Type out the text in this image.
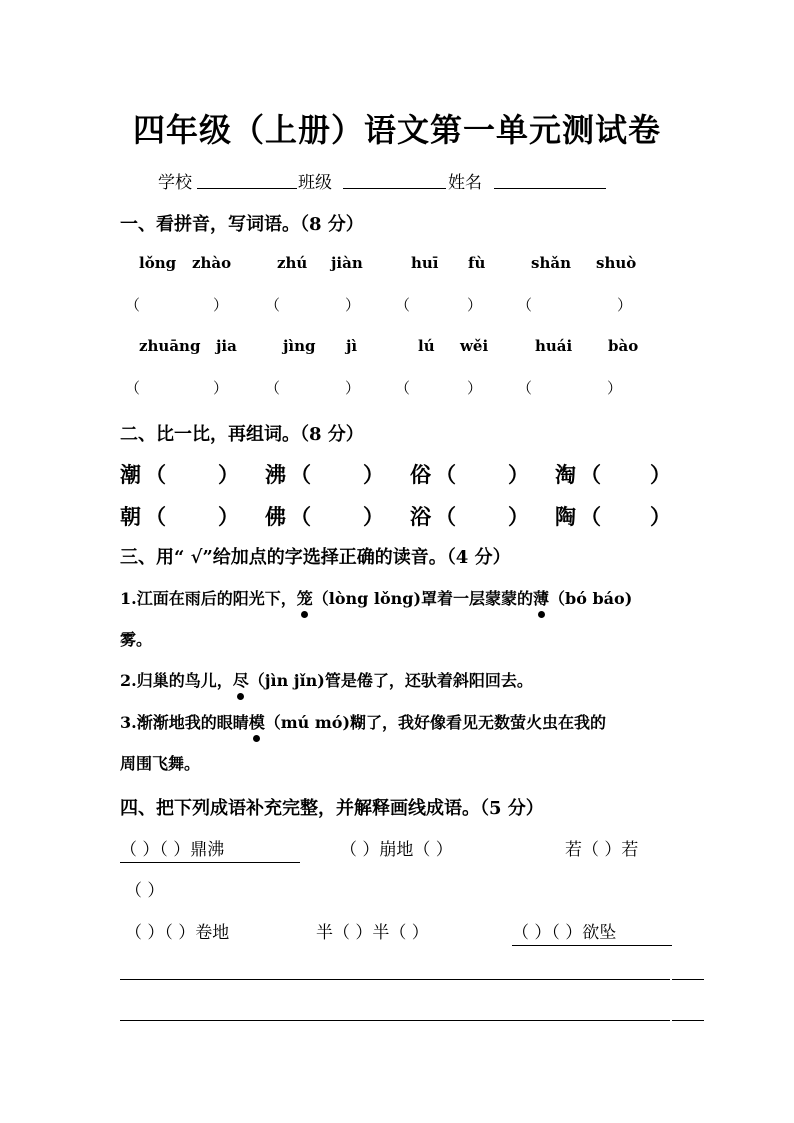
四年级（上册）语文第一单元测试卷
学校	班级	姓名
一、看拼音，写词语。（8 分）
lǒng zhào	zhú jiàn	huī fù	shǎn shuò
（	） （	） （	） （	）
zhuāng jia	jìng jì	lú wěi	huái bào
（	） （	） （	） （	）
二、比一比，再组词。（8 分）
潮 （ ） 沸 （ ） 俗 （ ） 淘 （ ）
朝 （ ） 佛 （ ） 浴 （ ） 陶 （ ）
三、用“ √”给加点的字选择正确的读音。（4 分）
1.江面在雨后的阳光下，笼（lòng lǒng)罩着一层蒙蒙的薄（bó báo)
雾。
2.归巢的鸟儿，尽（jìn jǐn)管是倦了，还驮着斜阳回去。
3.渐渐地我的眼睛模（mú mó)糊了，我好像看见无数萤火虫在我的
周围飞舞。
四、把下列成语补充完整，并解释画线成语。（5 分）
（ ）（ ）鼎沸	（ ）崩地（ ）	若（ ）若
（ ）
（ ）（ ）卷地	半（ ）半（ ）	（ ）（ ）欲坠
